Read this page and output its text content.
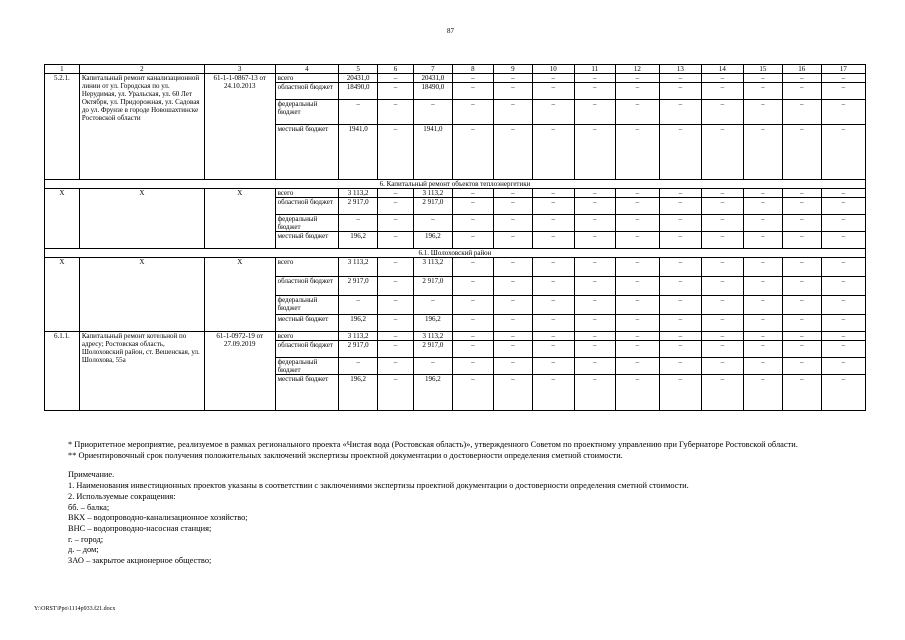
87
1	2	3	4	5	6	7	8	9	10	11	12	13	14	15	16	17
5.2.1.	Капитальный ремонт канализационной линии от ул. Городская по ул. Нерудимая, ул. Уральская, ул. 60 Лет Октября, ул. Придорожная, ул. Садовая до ул. Фрунзе в городе Новошахтинске Ростовской области	61-1-1-0867-13 от 24.10.2013	всего	20431,0	–	20431,0	–	–	–	–	–	–	–	–	–	–
			областной бюджет	18490,0	–	18490,0	–	–	–	–	–	–	–	–	–	–
			федеральный бюджет	–	–	–	–	–	–	–	–	–	–	–	–	–
			местный бюджет	1941,0	–	1941,0	–	–	–	–	–	–	–	–	–	–
6. Капитальный ремонт объектов теплоэнергетики																
X	X	X	всего	3 113,2	–	3 113,2	–	–	–	–	–	–	–	–	–	–
			областной бюджет	2 917,0	–	2 917,0	–	–	–	–	–	–	–	–	–	–
			федеральный бюджет	–	–	–	–	–	–	–	–	–	–	–	–	–
			местный бюджет	196,2	–	196,2	–	–	–	–	–	–	–	–	–	–
6.1. Шолоховский район																
X	X	X	всего	3 113,2	–	3 113,2	–	–	–	–	–	–	–	–	–	–
			областной бюджет	2 917,0	–	2 917,0	–	–	–	–	–	–	–	–	–	–
			федеральный бюджет	–	–	–	–	–	–	–	–	–	–	–	–	–
			местный бюджет	196,2	–	196,2	–	–	–	–	–	–	–	–	–	–
6.1.1.	Капитальный ремонт котельной по адресу; Ростовская область, Шолоховский район, ст. Вешенская, ул. Шолохова, 55а	61-1-0972-19 от 27.09.2019	всего	3 113,2	–	3 113,2	–	–	–	–	–	–	–	–	–	–
			областной бюджет	2 917,0	–	2 917,0	–	–	–	–	–	–	–	–	–	–
			федеральный бюджет	–	–	–	–	–	–	–	–	–	–	–	–	–
			местный бюджет	196,2	–	196,2	–	–	–	–	–	–	–	–	–	–

* Приоритетное мероприятие, реализуемое в рамках регионального проекта «Чистая вода (Ростовская область)», утвержденного Советом по проектному управлению при Губернаторе Ростовской области.

** Ориентировочный срок получения положительных заключений экспертизы проектной документации о достоверности определения сметной стоимости.

Примечание.

1. Наименования инвестиционных проектов указаны в соответствии с заключениями экспертизы проектной документации о достоверности определения сметной стоимости.

2. Используемые сокращения:

бб. – балка;

ВКХ – водопроводно-канализационное хозяйство;

ВНС – водопроводно-насосная станция;

г. – город;

д. – дом;

ЗАО – закрытое акционерное общество;

Y:\ORST\Ppo\1114p933.f21.docx
